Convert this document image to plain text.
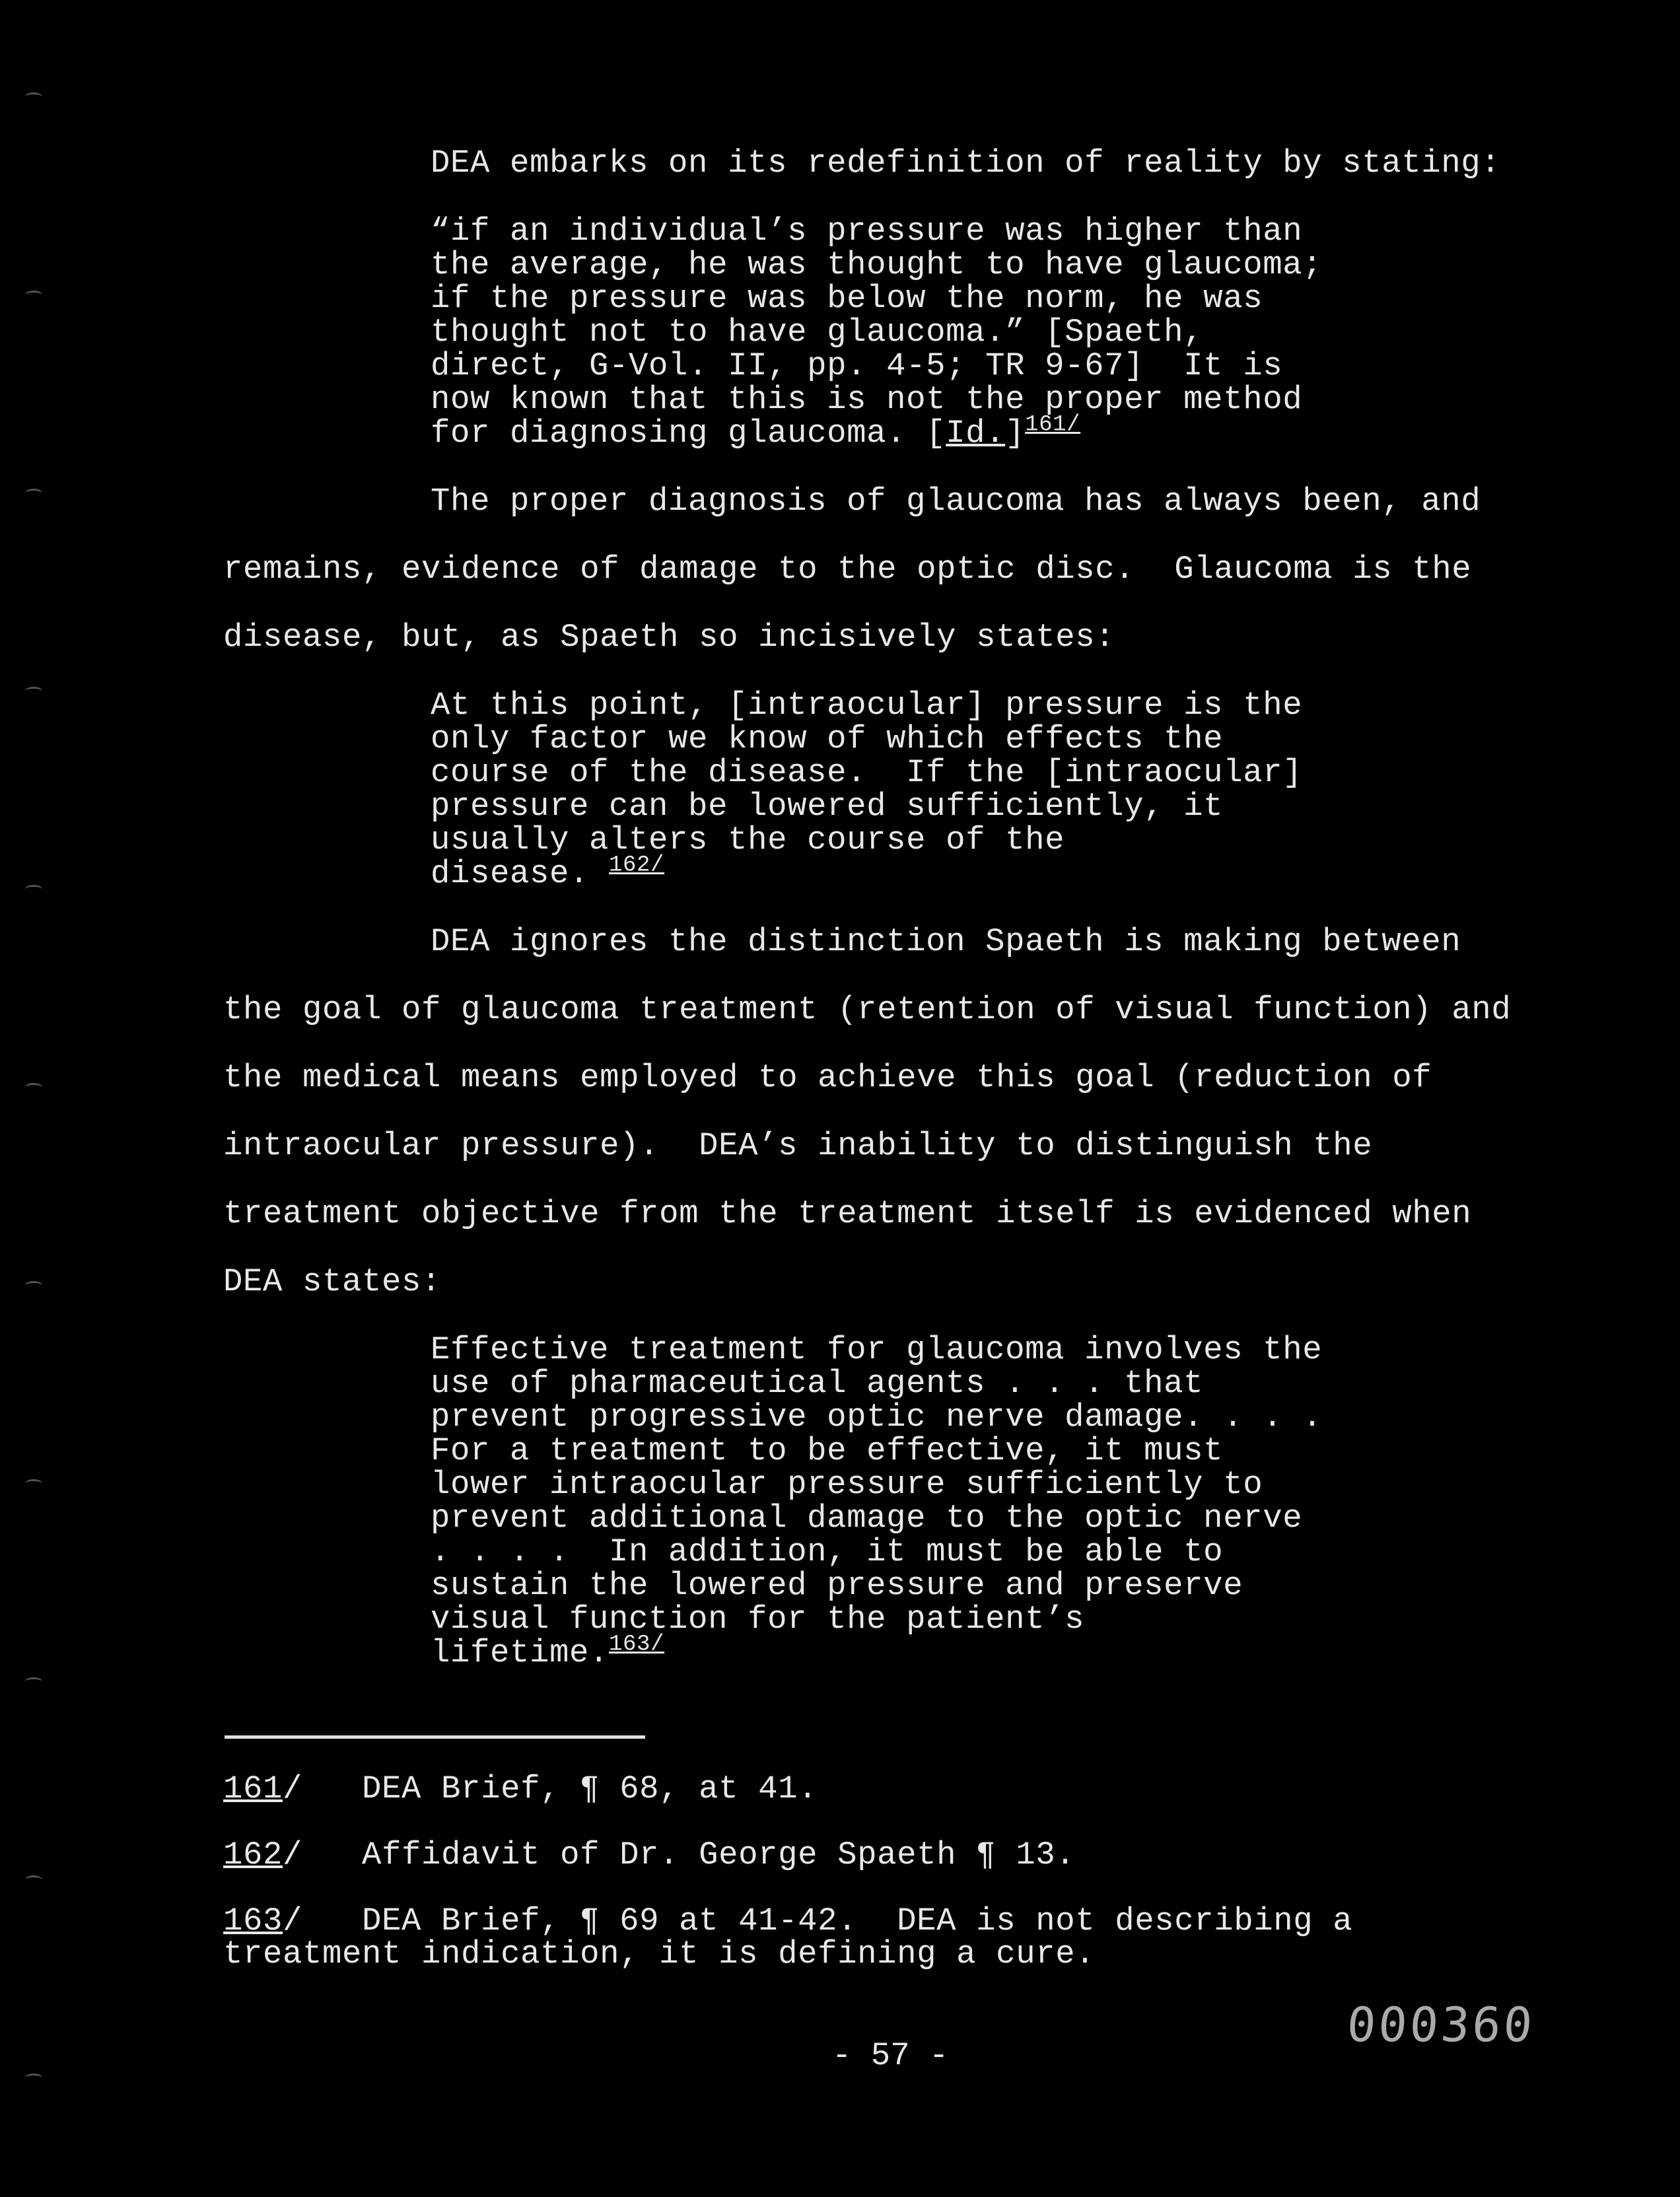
DEA embarks on its redefinition of reality by stating:
“if an individual’s pressure was higher than
the average, he was thought to have glaucoma;
if the pressure was below the norm, he was
thought not to have glaucoma.” [Spaeth,
direct, G-Vol. II, pp. 4-5; TR 9-67]  It is
now known that this is not the proper method
for diagnosing glaucoma. $[Id.]^{161/}$
The proper diagnosis of glaucoma has always been, and
remains, evidence of damage to the optic disc.  Glaucoma is the
disease, but, as Spaeth so incisively states:
At this point, [intraocular] pressure is the
only factor we know of which effects the
course of the disease.  If the [intraocular]
pressure can be lowered sufficiently, it
usually alters the course of the
disease. $^{162/}$
DEA ignores the distinction Spaeth is making between
the goal of glaucoma treatment (retention of visual function) and
the medical means employed to achieve this goal (reduction of
intraocular pressure).  DEA’s inability to distinguish the
treatment objective from the treatment itself is evidenced when
DEA states:
Effective treatment for glaucoma involves the
use of pharmaceutical agents . . . that
prevent progressive optic nerve damage. . . .
For a treatment to be effective, it must
lower intraocular pressure sufficiently to
prevent additional damage to the optic nerve
. . . .  In addition, it must be able to
sustain the lowered pressure and preserve
visual function for the patient’s
lifetime.$^{163/}$
161/   DEA Brief, ¶ 68, at 41.
162/   Affidavit of Dr. George Spaeth ¶ 13.
163/   DEA Brief, ¶ 69 at 41-42.  DEA is not describing a
treatment indication, it is defining a cure.
000360
- 57 -
